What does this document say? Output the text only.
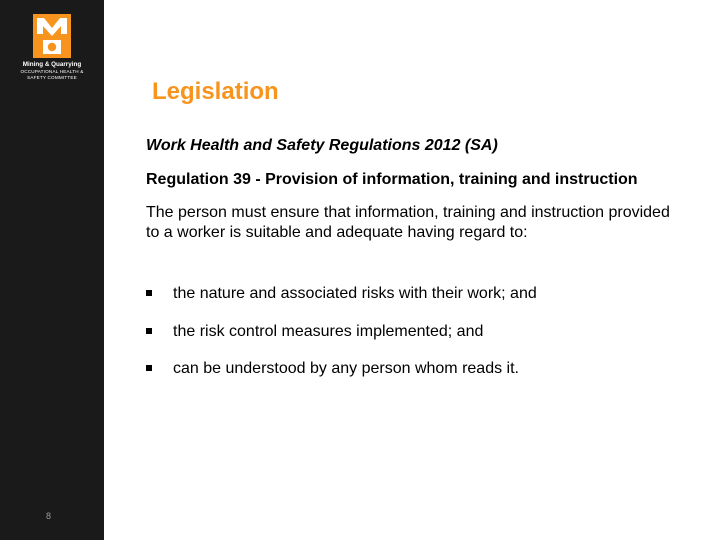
Mining & Quarrying
OCCUPATIONAL HEALTH &
SAFETY COMMITTEE
8
Legislation

Work Health and Safety Regulations 2012 (SA)

Regulation 39 - Provision of information, training and instruction

The person must ensure that information, training and instruction provided to a worker is suitable and adequate having regard to:

the nature and associated risks with their work; and
the risk control measures implemented; and
can be understood by any person whom reads it.
